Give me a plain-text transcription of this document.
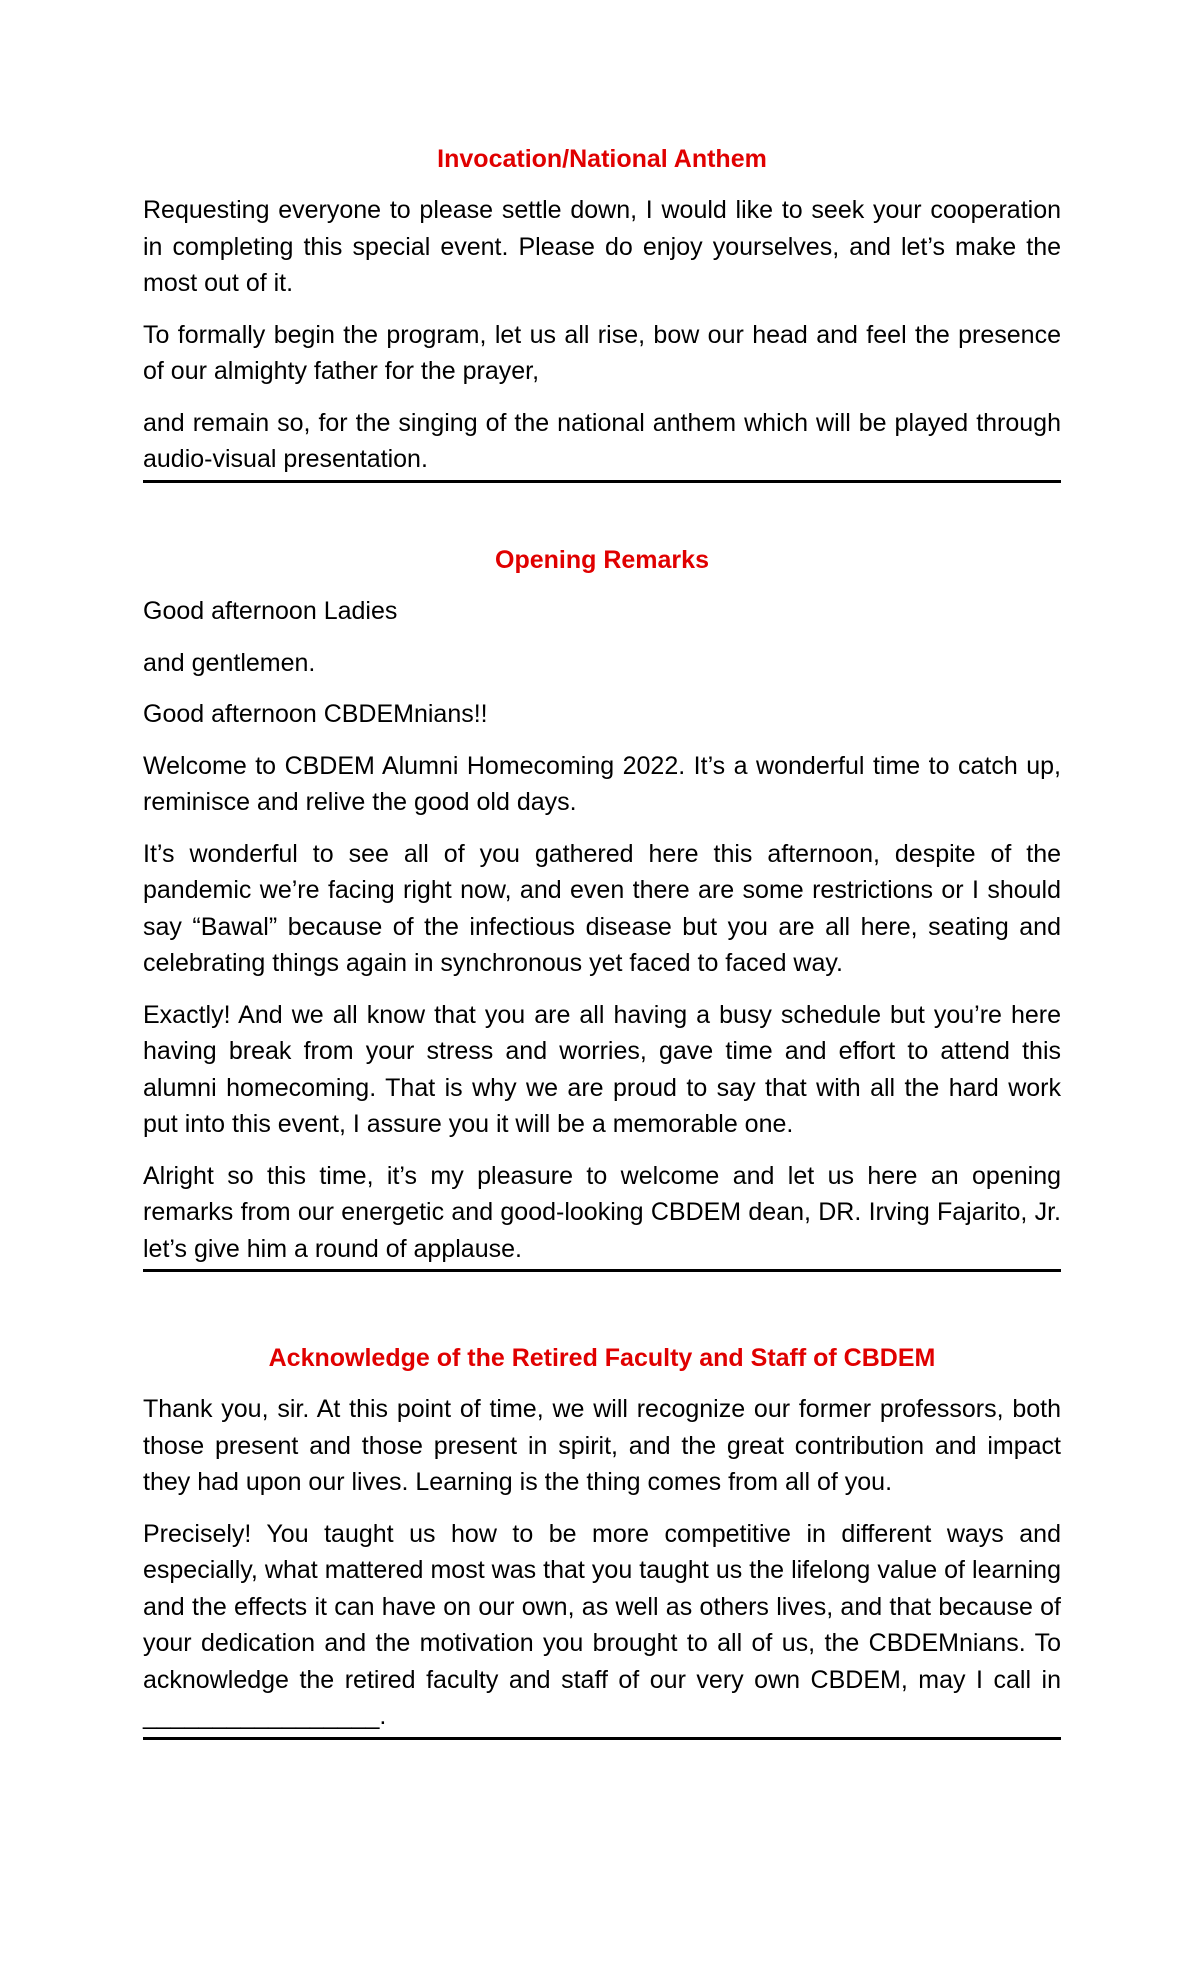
Invocation/National Anthem

Requesting everyone to please settle down, I would like to seek your cooperation in completing this special event. Please do enjoy yourselves, and let’s make the most out of it.

To formally begin the program, let us all rise, bow our head and feel the presence of our almighty father for the prayer,

and remain so, for the singing of the national anthem which will be played through audio-visual presentation.

Opening Remarks

Good afternoon Ladies

and gentlemen.

Good afternoon CBDEMnians!!

Welcome to CBDEM Alumni Homecoming 2022. It’s a wonderful time to catch up, reminisce and relive the good old days.

It’s wonderful to see all of you gathered here this afternoon, despite of the pandemic we’re facing right now, and even there are some restrictions or I should say “Bawal” because of the infectious disease but you are all here, seating and celebrating things again in synchronous yet faced to faced way.

Exactly! And we all know that you are all having a busy schedule but you’re here having break from your stress and worries, gave time and effort to attend this alumni homecoming. That is why we are proud to say that with all the hard work put into this event, I assure you it will be a memorable one.

Alright so this time, it’s my pleasure to welcome and let us here an opening remarks from our energetic and good-looking CBDEM dean, DR. Irving Fajarito, Jr. let’s give him a round of applause.

Acknowledge of the Retired Faculty and Staff of CBDEM

Thank you, sir. At this point of time, we will recognize our former professors, both those present and those present in spirit, and the great contribution and impact they had upon our lives. Learning is the thing comes from all of you.

Precisely! You taught us how to be more competitive in different ways and especially, what mattered most was that you taught us the lifelong value of learning and the effects it can have on our own, as well as others lives, and that because of your dedication and the motivation you brought to all of us, the CBDEMnians. To acknowledge the retired faculty and staff of our very own CBDEM, may I call in _________________.
